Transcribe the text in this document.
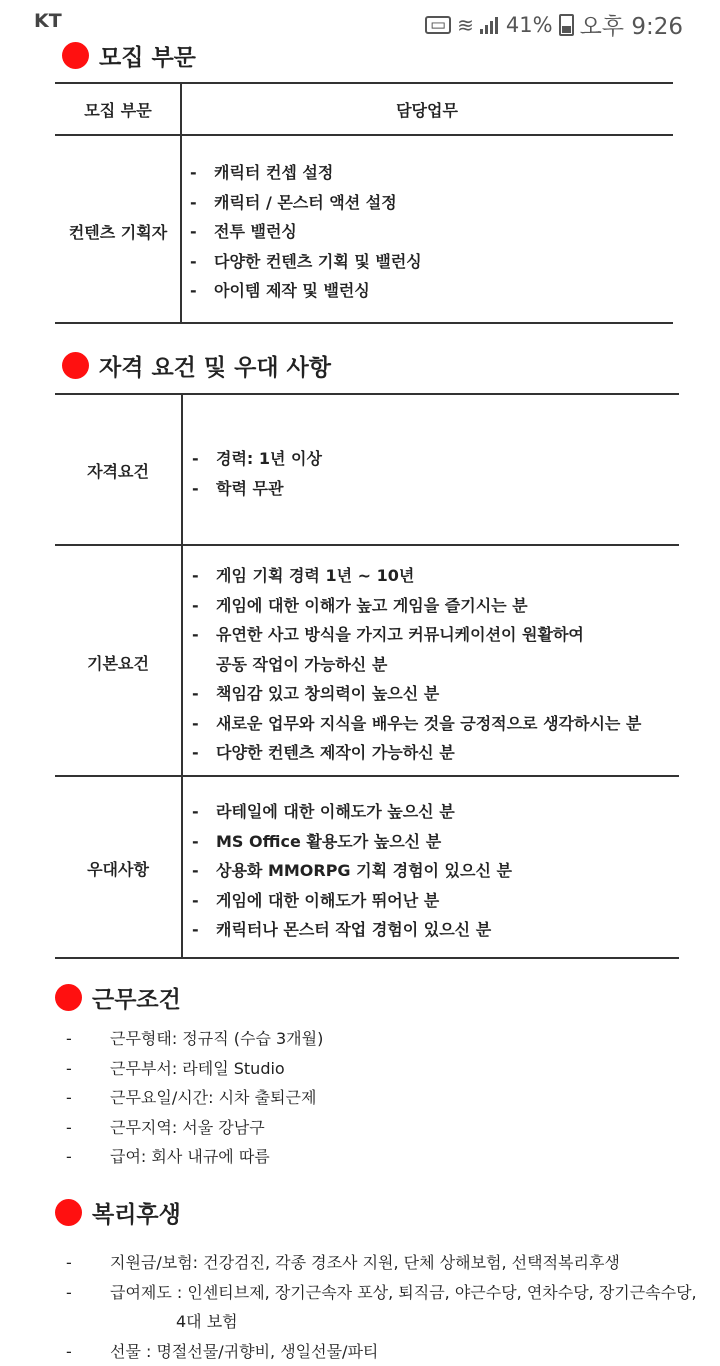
KT	▭ ≋ 41% 오후 9:26
모집 부문
모집 부문	담당업무
컨텐츠 기획자
-	캐릭터 컨셉 설정
-	캐릭터 / 몬스터 액션 설정
-	전투 밸런싱
-	다양한 컨텐츠 기획 및 밸런싱
-	아이템 제작 및 밸런싱
자격 요건 및 우대 사항
자격요건
-	경력: 1년 이상
-	학력 무관
기본요건
-	게임 기획 경력 1년 ~ 10년
-	게임에 대한 이해가 높고 게임을 즐기시는 분
-	유연한 사고 방식을 가지고 커뮤니케이션이 원활하여
공동 작업이 가능하신 분
-	책임감 있고 창의력이 높으신 분
-	새로운 업무와 지식을 배우는 것을 긍정적으로 생각하시는 분
-	다양한 컨텐츠 제작이 가능하신 분
우대사항
-	라테일에 대한 이해도가 높으신 분
-	MS Office 활용도가 높으신 분
-	상용화 MMORPG 기획 경험이 있으신 분
-	게임에 대한 이해도가 뛰어난 분
-	캐릭터나 몬스터 작업 경험이 있으신 분
근무조건
-	근무형태: 정규직 (수습 3개월)
-	근무부서: 라테일 Studio
-	근무요일/시간: 시차 출퇴근제
-	근무지역: 서울 강남구
-	급여: 회사 내규에 따름
복리후생
-	지원금/보험: 건강검진, 각종 경조사 지원, 단체 상해보험, 선택적복리후생
-	급여제도 : 인센티브제, 장기근속자 포상, 퇴직금, 야근수당, 연차수당, 장기근속수당,
4대 보험
-	선물 : 명절선물/귀향비, 생일선물/파티
